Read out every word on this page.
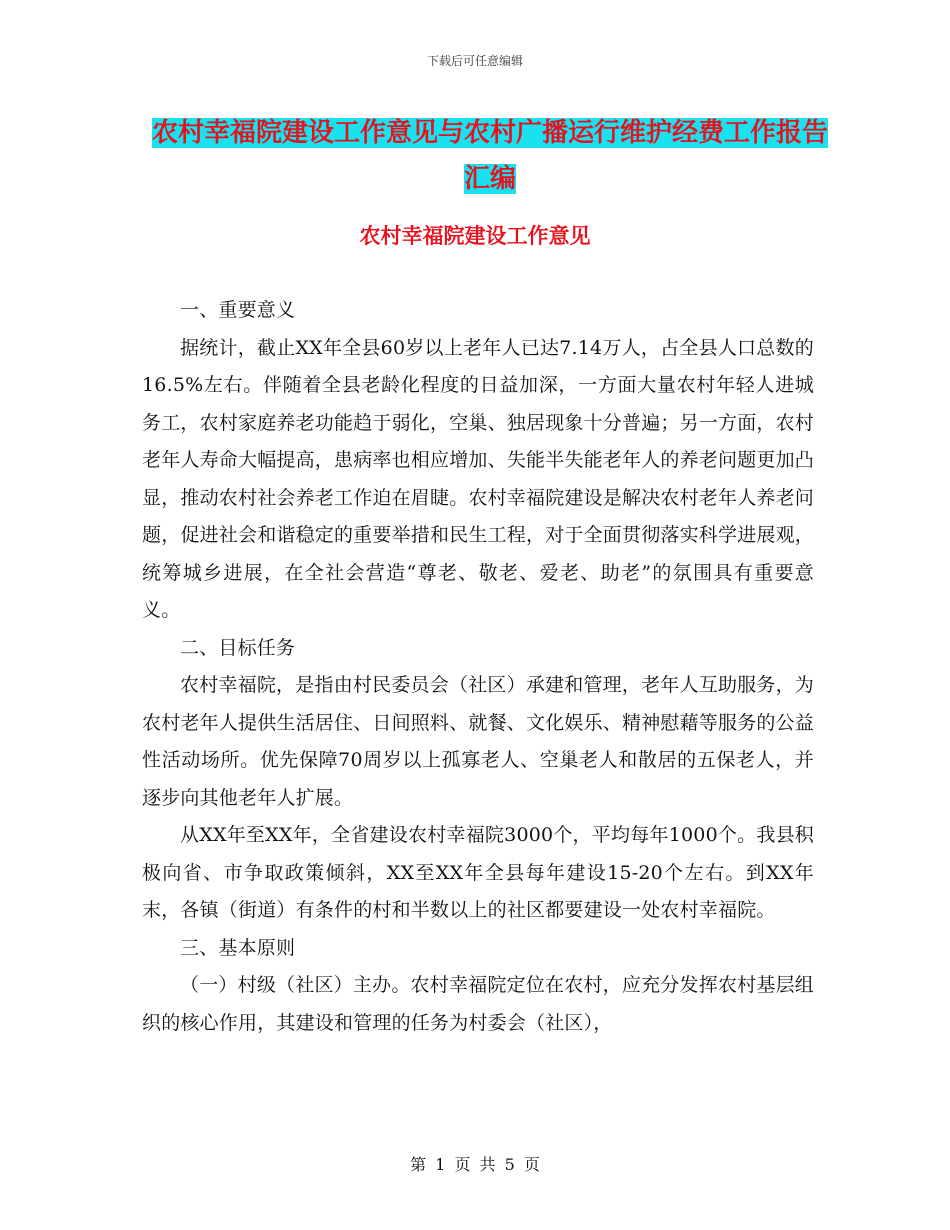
下载后可任意编辑
农村幸福院建设工作意见与农村广播运行维护经费工作报告汇编
农村幸福院建设工作意见

一、重要意义

据统计，截止XX年全县60岁以上老年人已达7.14万人，占全县人口总数的16.5%左右。伴随着全县老龄化程度的日益加深，一方面大量农村年轻人进城务工，农村家庭养老功能趋于弱化，空巢、独居现象十分普遍；另一方面，农村老年人寿命大幅提高，患病率也相应增加、失能半失能老年人的养老问题更加凸显，推动农村社会养老工作迫在眉睫。农村幸福院建设是解决农村老年人养老问题，促进社会和谐稳定的重要举措和民生工程，对于全面贯彻落实科学进展观，统筹城乡进展，在全社会营造“尊老、敬老、爱老、助老”的氛围具有重要意义。

二、目标任务

农村幸福院，是指由村民委员会（社区）承建和管理，老年人互助服务，为农村老年人提供生活居住、日间照料、就餐、文化娱乐、精神慰藉等服务的公益性活动场所。优先保障70周岁以上孤寡老人、空巢老人和散居的五保老人，并逐步向其他老年人扩展。

从XX年至XX年，全省建设农村幸福院3000个，平均每年1000个。我县积极向省、市争取政策倾斜，XX至XX年全县每年建设15-20个左右。到XX年末，各镇（街道）有条件的村和半数以上的社区都要建设一处农村幸福院。

三、基本原则

（一）村级（社区）主办。农村幸福院定位在农村，应充分发挥农村基层组织的核心作用，其建设和管理的任务为村委会（社区），

第 1 页 共 5 页
